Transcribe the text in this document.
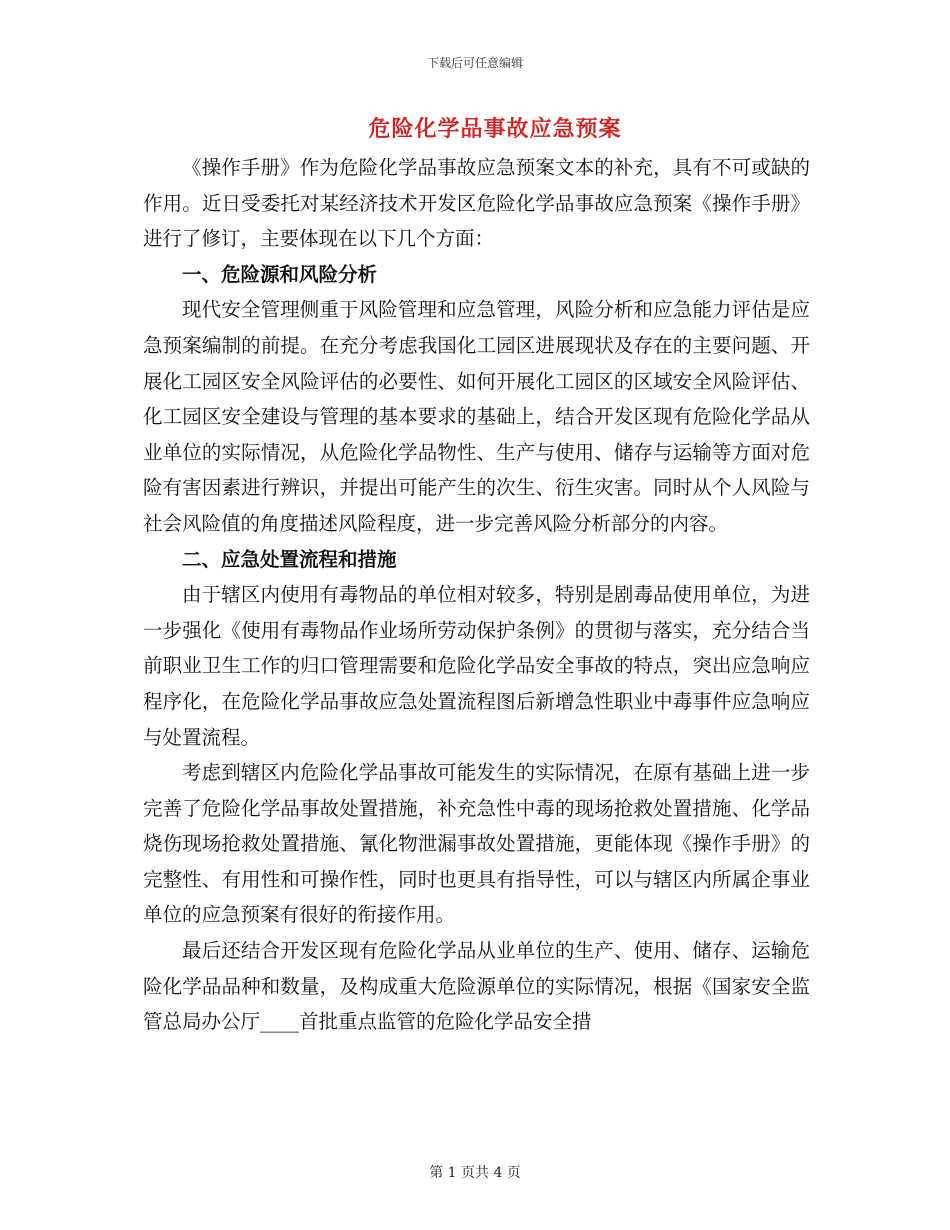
下载后可任意编辑
危险化学品事故应急预案

《操作手册》作为危险化学品事故应急预案文本的补充，具有不可或缺的作用。近日受委托对某经济技术开发区危险化学品事故应急预案《操作手册》进行了修订，主要体现在以下几个方面：

一、危险源和风险分析

现代安全管理侧重于风险管理和应急管理，风险分析和应急能力评估是应急预案编制的前提。在充分考虑我国化工园区进展现状及存在的主要问题、开展化工园区安全风险评估的必要性、如何开展化工园区的区域安全风险评估、化工园区安全建设与管理的基本要求的基础上，结合开发区现有危险化学品从业单位的实际情况，从危险化学品物性、生产与使用、储存与运输等方面对危险有害因素进行辨识，并提出可能产生的次生、衍生灾害。同时从个人风险与社会风险值的角度描述风险程度，进一步完善风险分析部分的内容。

二、应急处置流程和措施

由于辖区内使用有毒物品的单位相对较多，特别是剧毒品使用单位，为进一步强化《使用有毒物品作业场所劳动保护条例》的贯彻与落实，充分结合当前职业卫生工作的归口管理需要和危险化学品安全事故的特点，突出应急响应程序化，在危险化学品事故应急处置流程图后新增急性职业中毒事件应急响应与处置流程。

考虑到辖区内危险化学品事故可能发生的实际情况，在原有基础上进一步完善了危险化学品事故处置措施，补充急性中毒的现场抢救处置措施、化学品烧伤现场抢救处置措施、氰化物泄漏事故处置措施，更能体现《操作手册》的完整性、有用性和可操作性，同时也更具有指导性，可以与辖区内所属企事业单位的应急预案有很好的衔接作用。

最后还结合开发区现有危险化学品从业单位的生产、使用、储存、运输危险化学品品种和数量，及构成重大危险源单位的实际情况，根据《国家安全监管总局办公厅____首批重点监管的危险化学品安全措

第 1 页共 4 页
